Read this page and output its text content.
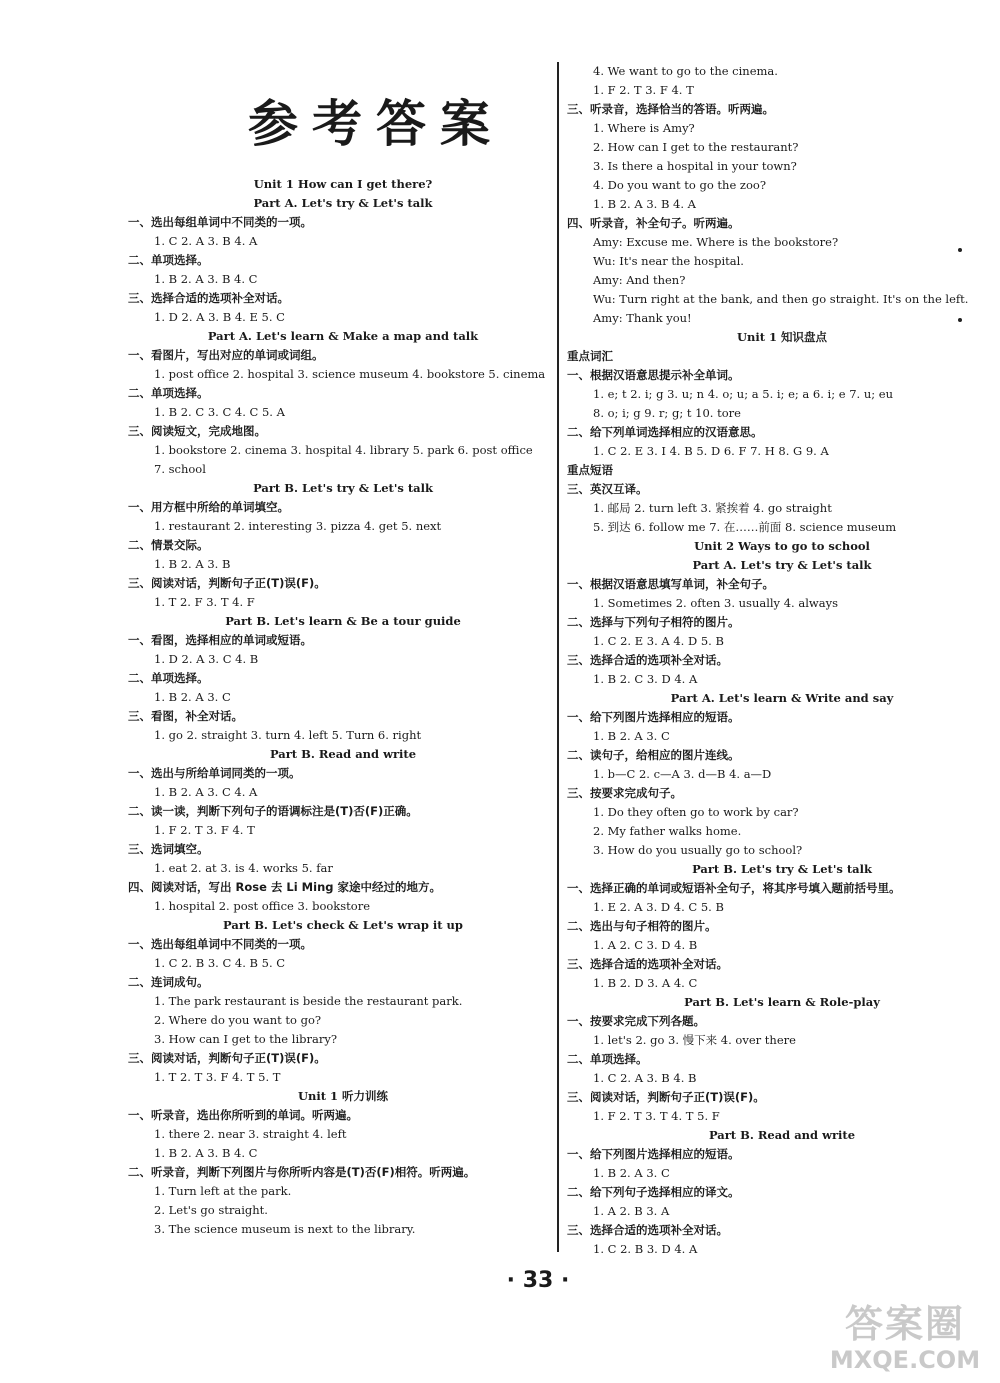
参考答案
Unit 1 How can I get there?
Part A. Let's try & Let's talk
一、选出每组单词中不同类的一项。
1. C 2. A 3. B 4. A
二、单项选择。
1. B 2. A 3. B 4. C
三、选择合适的选项补全对话。
1. D 2. A 3. B 4. E 5. C
Part A. Let's learn & Make a map and talk
一、看图片，写出对应的单词或词组。
1. post office 2. hospital 3. science museum 4. bookstore 5. cinema
二、单项选择。
1. B 2. C 3. C 4. C 5. A
三、阅读短文，完成地图。
1. bookstore 2. cinema 3. hospital 4. library 5. park 6. post office
7. school
Part B. Let's try & Let's talk
一、用方框中所给的单词填空。
1. restaurant 2. interesting 3. pizza 4. get 5. next
二、情景交际。
1. B 2. A 3. B
三、阅读对话，判断句子正(T)误(F)。
1. T 2. F 3. T 4. F
Part B. Let's learn & Be a tour guide
一、看图，选择相应的单词或短语。
1. D 2. A 3. C 4. B
二、单项选择。
1. B 2. A 3. C
三、看图，补全对话。
1. go 2. straight 3. turn 4. left 5. Turn 6. right
Part B. Read and write
一、选出与所给单词同类的一项。
1. B 2. A 3. C 4. A
二、读一读，判断下列句子的语调标注是(T)否(F)正确。
1. F 2. T 3. F 4. T
三、选词填空。
1. eat 2. at 3. is 4. works 5. far
四、阅读对话，写出 Rose 去 Li Ming 家途中经过的地方。
1. hospital 2. post office 3. bookstore
Part B. Let's check & Let's wrap it up
一、选出每组单词中不同类的一项。
1. C 2. B 3. C 4. B 5. C
二、连词成句。
1. The park restaurant is beside the restaurant park.
2. Where do you want to go?
3. How can I get to the library?
三、阅读对话，判断句子正(T)误(F)。
1. T 2. T 3. F 4. T 5. T
Unit 1 听力训练
一、听录音，选出你所听到的单词。听两遍。
1. there 2. near 3. straight 4. left
1. B 2. A 3. B 4. C
二、听录音，判断下列图片与你所听内容是(T)否(F)相符。听两遍。
1. Turn left at the park.
2. Let's go straight.
3. The science museum is next to the library.
4. We want to go to the cinema.
1. F 2. T 3. F 4. T
三、听录音，选择恰当的答语。听两遍。
1. Where is Amy?
2. How can I get to the restaurant?
3. Is there a hospital in your town?
4. Do you want to go the zoo?
1. B 2. A 3. B 4. A
四、听录音，补全句子。听两遍。
Amy: Excuse me. Where is the bookstore?
Wu: It's near the hospital.
Amy: And then?
Wu: Turn right at the bank, and then go straight. It's on the left.
Amy: Thank you!
Unit 1 知识盘点
重点词汇
一、根据汉语意思提示补全单词。
1. e; t 2. i; g 3. u; n 4. o; u; a 5. i; e; a 6. i; e 7. u; eu
8. o; i; g 9. r; g; t 10. tore
二、给下列单词选择相应的汉语意思。
1. C 2. E 3. I 4. B 5. D 6. F 7. H 8. G 9. A
重点短语
三、英汉互译。
1. 邮局 2. turn left 3. 紧挨着 4. go straight
5. 到达 6. follow me 7. 在……前面 8. science museum
Unit 2 Ways to go to school
Part A. Let's try & Let's talk
一、根据汉语意思填写单词，补全句子。
1. Sometimes 2. often 3. usually 4. always
二、选择与下列句子相符的图片。
1. C 2. E 3. A 4. D 5. B
三、选择合适的选项补全对话。
1. B 2. C 3. D 4. A
Part A. Let's learn & Write and say
一、给下列图片选择相应的短语。
1. B 2. A 3. C
二、读句子，给相应的图片连线。
1. b—C 2. c—A 3. d—B 4. a—D
三、按要求完成句子。
1. Do they often go to work by car?
2. My father walks home.
3. How do you usually go to school?
Part B. Let's try & Let's talk
一、选择正确的单词或短语补全句子，将其序号填入题前括号里。
1. E 2. A 3. D 4. C 5. B
二、选出与句子相符的图片。
1. A 2. C 3. D 4. B
三、选择合适的选项补全对话。
1. B 2. D 3. A 4. C
Part B. Let's learn & Role-play
一、按要求完成下列各题。
1. let's 2. go 3. 慢下来 4. over there
二、单项选择。
1. C 2. A 3. B 4. B
三、阅读对话，判断句子正(T)误(F)。
1. F 2. T 3. T 4. T 5. F
Part B. Read and write
一、给下列图片选择相应的短语。
1. B 2. A 3. C
二、给下列句子选择相应的译文。
1. A 2. B 3. A
三、选择合适的选项补全对话。
1. C 2. B 3. D 4. A
· 33 ·
答案圈
MXQE.COM
